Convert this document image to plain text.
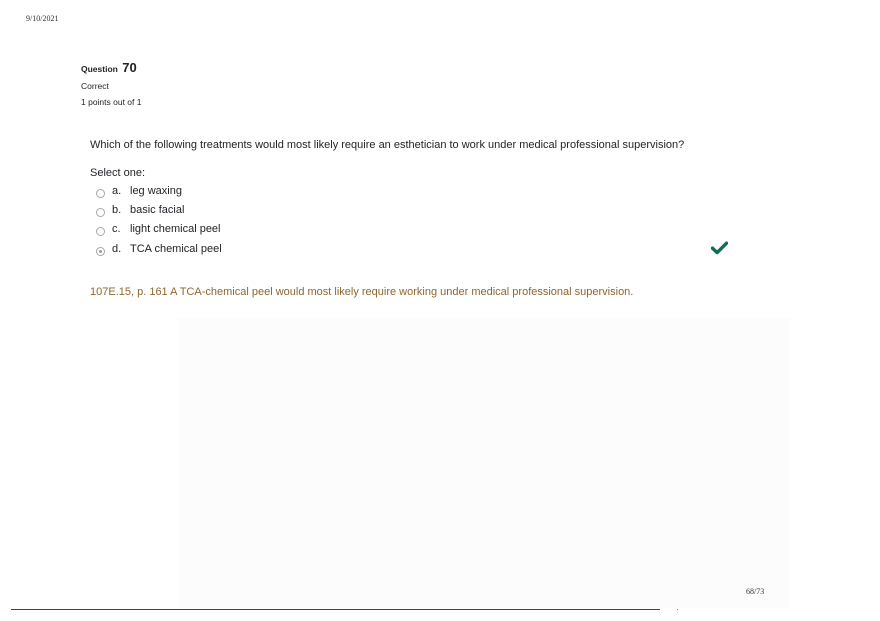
9/10/2021
Question 70
Correct
1 points out of 1
Which of the following treatments would most likely require an esthetician to work under medical professional supervision?
Select one:
a. leg waxing
b. basic facial
c. light chemical peel
d. TCA chemical peel
107E.15, p. 161 A TCA-chemical peel would most likely require working under medical professional supervision.
68/73
